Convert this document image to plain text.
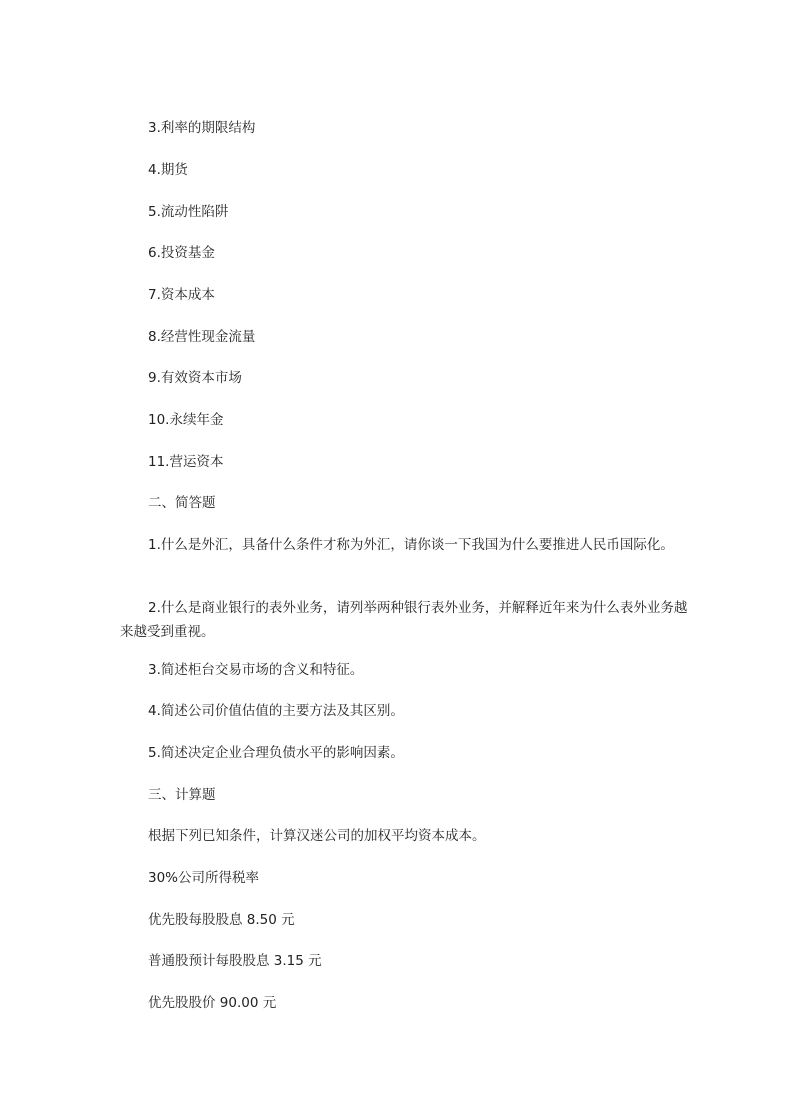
3.利率的期限结构
4.期货
5.流动性陷阱
6.投资基金
7.资本成本
8.经营性现金流量
9.有效资本市场
10.永续年金
11.营运资本
二、简答题
1.什么是外汇，具备什么条件才称为外汇，请你谈一下我国为什么要推进人民币国际化。
2.什么是商业银行的表外业务，请列举两种银行表外业务，并解释近年来为什么表外业务越来越受到重视。
3.简述柜台交易市场的含义和特征。
4.简述公司价值估值的主要方法及其区别。
5.简述决定企业合理负债水平的影响因素。
三、计算题
根据下列已知条件，计算汉迷公司的加权平均资本成本。
30%公司所得税率
优先股每股股息 8.50 元
普通股预计每股股息 3.15 元
优先股股价 90.00 元
